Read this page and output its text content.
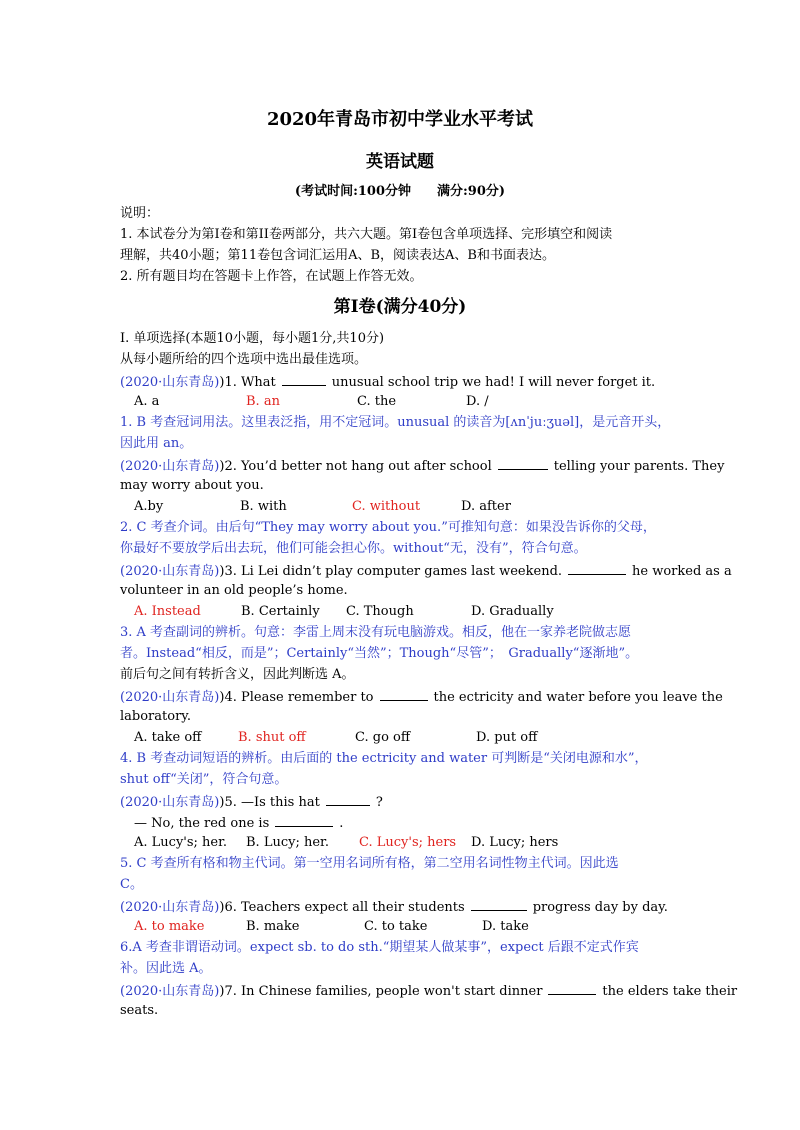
2020年青岛市初中学业水平考试
英语试题
(考试时间:100分钟　　满分:90分)
说明：
1. 本试卷分为第I卷和第II卷两部分，共六大题。第I卷包含单项选择、完形填空和阅读
理解，共40小题；第11卷包含词汇运用A、B，阅读表达A、B和书面表达。
2. 所有题目均在答题卡上作答，在试题上作答无效。
第I卷(满分40分)
I. 单项选择(本题10小题，每小题1分,共10分)
从每小题所给的四个选项中选出最佳选项。
(2020·山东青岛))1. What	unusual school trip we had! I will never forget it.
A. a	B. an	C. the	D. /
1. B 考查冠词用法。这里表泛指，用不定冠词。unusual 的读音为[ʌnˈjuːʒuəl]，是元音开头，
因此用 an。
(2020·山东青岛))2. You’d better not hang out after school	telling your parents. They
may worry about you.
A.by	B. with	C. without	D. after
2. C 考查介词。由后句“They may worry about you.”可推知句意：如果没告诉你的父母，
你最好不要放学后出去玩，他们可能会担心你。without“无，没有”，符合句意。
(2020·山东青岛))3. Li Lei didn’t play computer games last weekend.	he worked as a
volunteer in an old people’s home.
A. Instead	B. Certainly C. Though	D. Gradually
3. A 考查副词的辨析。句意：李雷上周末没有玩电脑游戏。相反，他在一家养老院做志愿
者。Instead“相反，而是”；Certainly“当然”；Though“尽管”；　Gradually“逐渐地”。
前后句之间有转折含义，因此判断选 A。
(2020·山东青岛))4. Please remember to	the ectricity and water before you leave the
laboratory.
A. take off	B. shut off	C. go off	D. put off
4. B 考查动词短语的辨析。由后面的 the ectricity and water 可判断是“关闭电源和水”，
shut off“关闭”，符合句意。
(2020·山东青岛))5. —Is this hat	?
— No, the red one is	.
A. Lucy's; her. B. Lucy; her. C. Lucy's; hers D. Lucy; hers
5. C 考查所有格和物主代词。第一空用名词所有格，第二空用名词性物主代词。因此选
C。
(2020·山东青岛))6. Teachers expect all their students	progress day by day.
A. to make	B. make	C. to take	D. take
6.A 考查非谓语动词。expect sb. to do sth.“期望某人做某事”，expect 后跟不定式作宾
补。因此选 A。
(2020·山东青岛))7. In Chinese families, people won't start dinner	the elders take their
seats.
